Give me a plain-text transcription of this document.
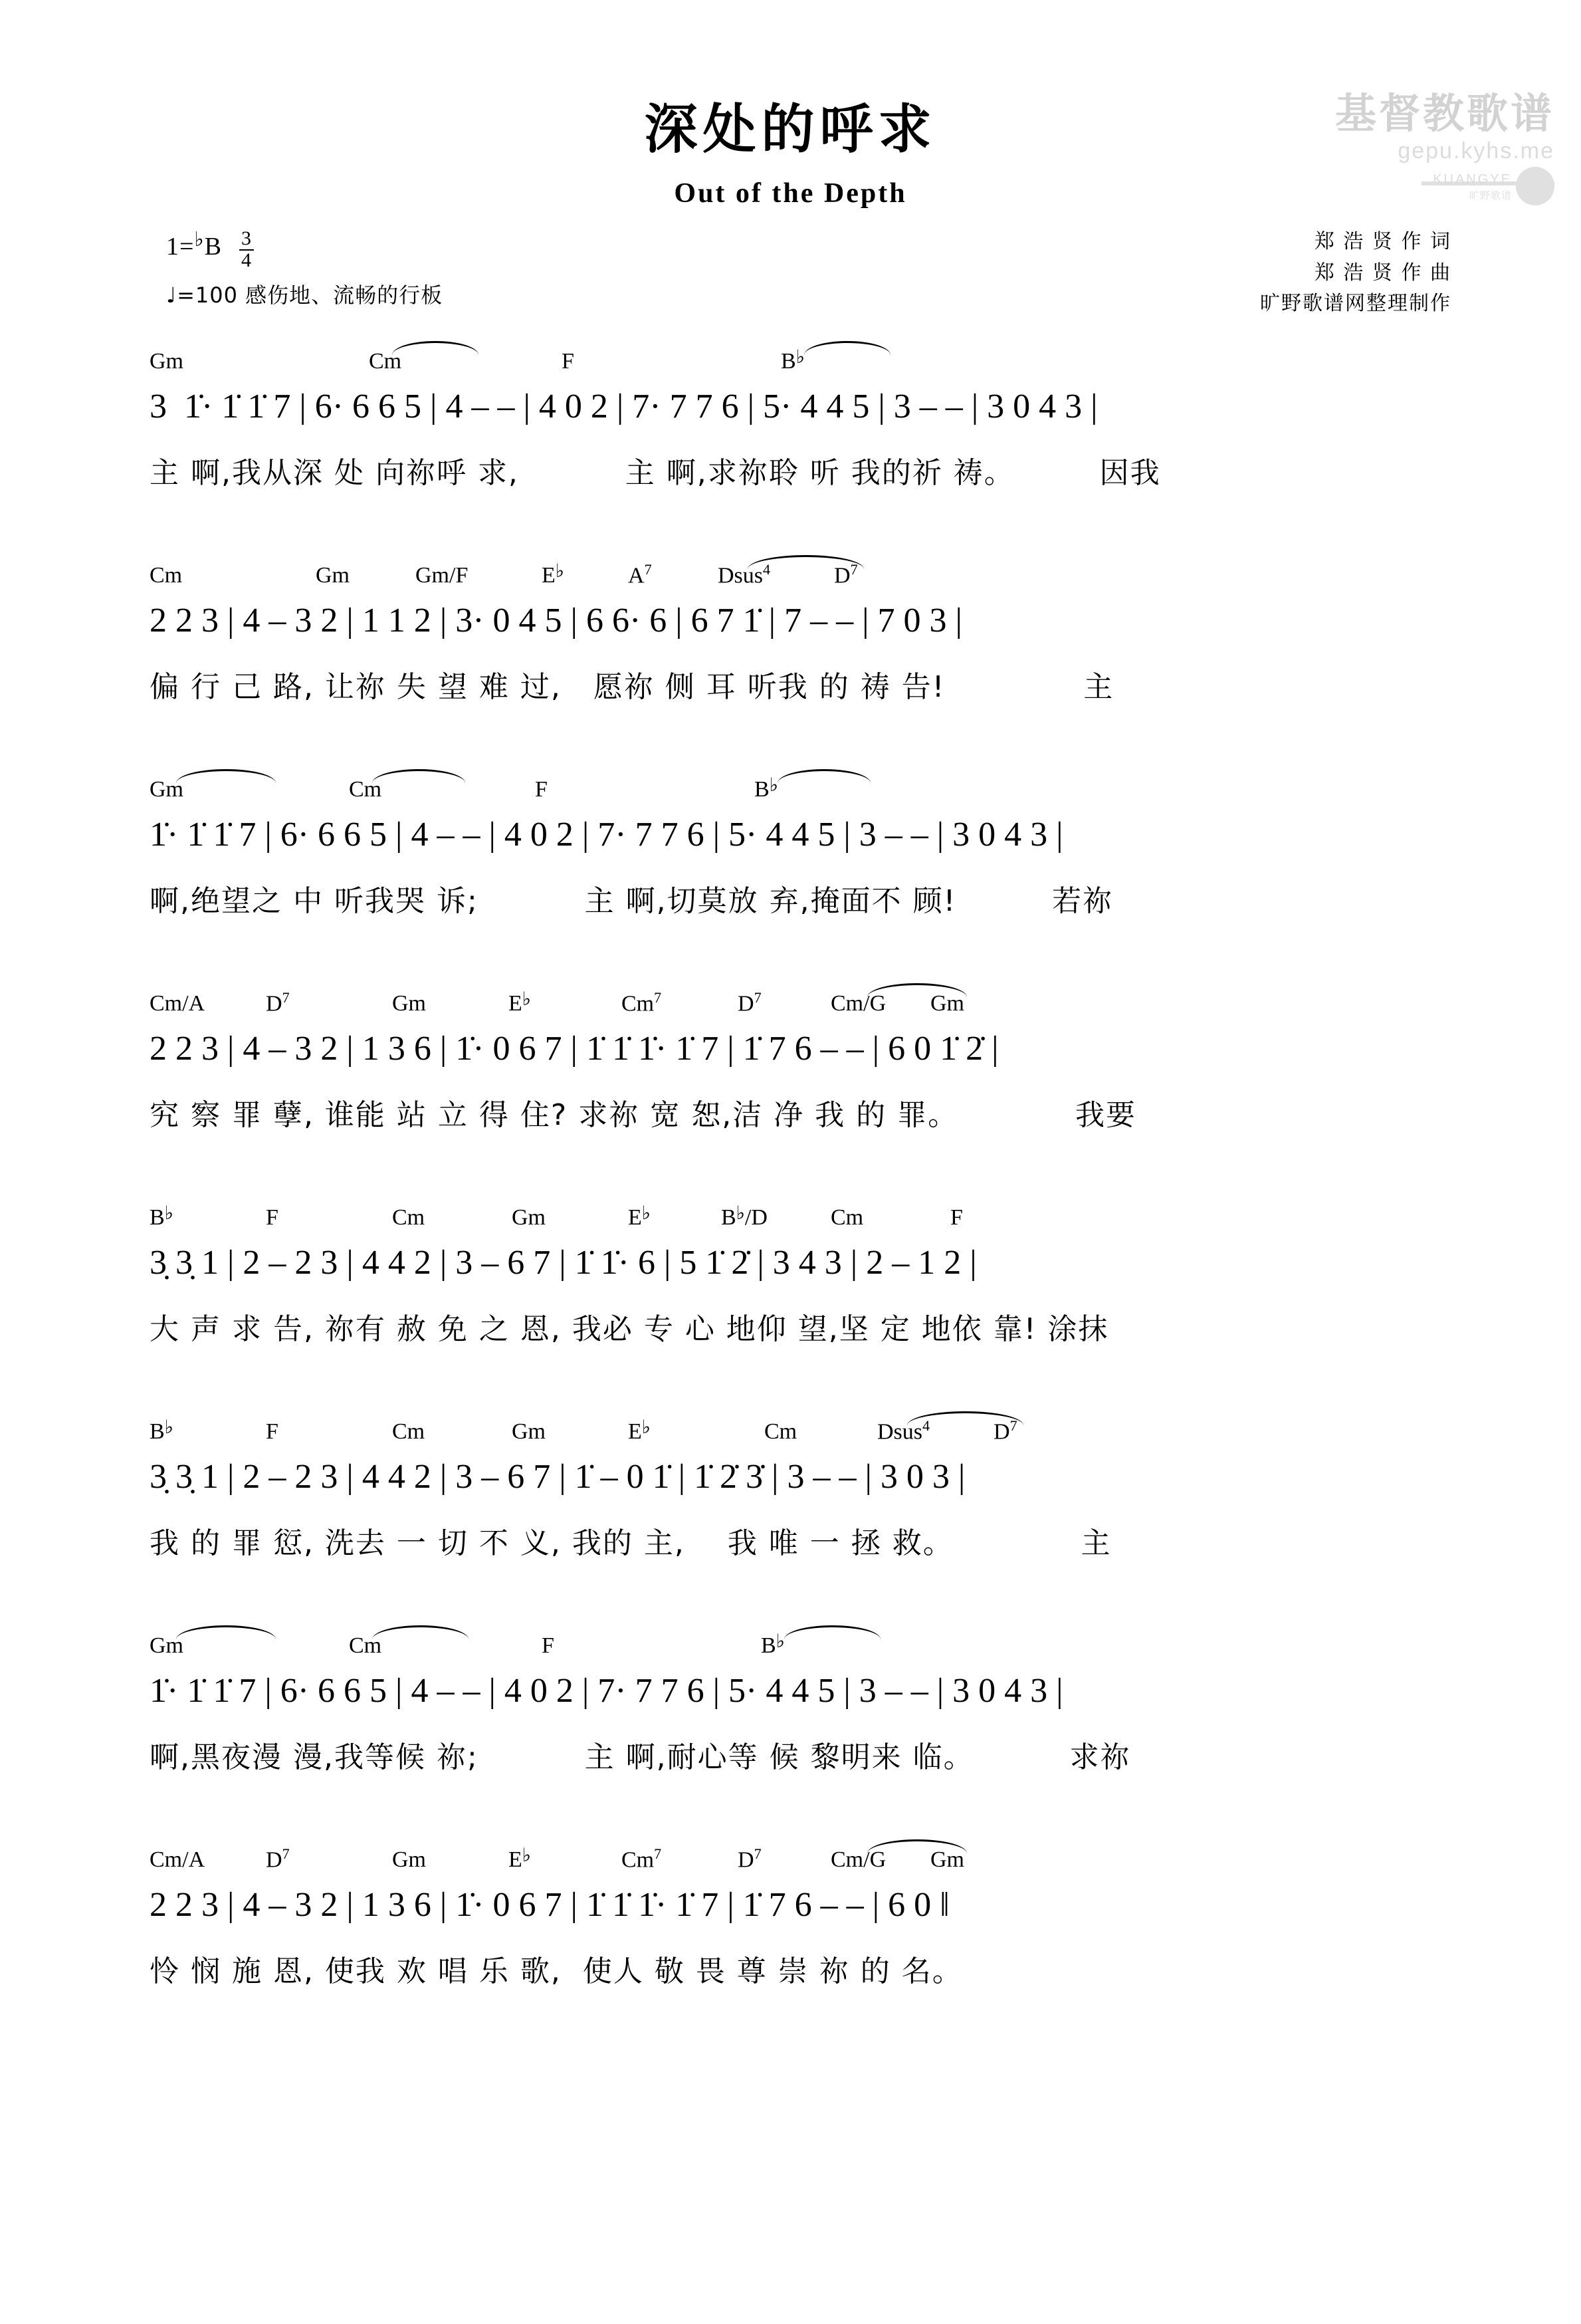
基督教歌谱
gepu.kyhs.me
KUANGYE
旷野歌谱
深处的呼求
Out of the Depth
1= ♭ B $\frac{3}{4}$
♩=100 感伤地、流畅的行板
郑 浩 贤 作 词
郑 浩 贤 作 曲
旷野歌谱网整理制作
Gm	Cm	F	B♭
3  1̇· 1̇ 1̇ 7 | 6· 6 6 5 | 4 – – | 4 0 2 | 7· 7 7 6 | 5· 4 4 5 | 3 – – | 3 0 4 3 |
主 啊,我从深 处 向祢呼 求,          主 啊,求祢聆 听 我的祈 祷。        因我
Cm	Gm	Gm/F	E♭	$A^7$	Dsus$^4$	$D^7$
2 2 3 | 4 – 3 2 | 1 1 2 | 3· 0 4 5 | 6 6· 6 | 6 7 1̇ | 7 – – | 7 0 3 |
偏 行 己 路, 让祢 失 望 难 过,   愿祢 侧 耳 听我 的 祷 告!             主
Gm	Cm	F	B♭
1̇· 1̇ 1̇ 7 | 6· 6 6 5 | 4 – – | 4 0 2 | 7· 7 7 6 | 5· 4 4 5 | 3 – – | 3 0 4 3 |
啊,绝望之 中 听我哭 诉;          主 啊,切莫放 弃,掩面不 顾!         若祢
Cm/A	$D^7$	Gm	E♭	Cm$^7$	$D^7$	Cm/G Gm
2 2 3 | 4 – 3 2 | 1 3 6 | 1̇· 0 6 7 | 1̇ 1̇ 1̇· 1̇ 7 | 1̇ 7 6 – – | 6 0 1̇ 2̇ |
究 察 罪 孽, 谁能 站 立 得 住? 求祢 宽 恕,洁 净 我 的 罪。           我要
B♭	F	Cm	Gm	E♭	B♭/D	Cm	F
3̣ 3̣ 1 | 2 – 2 3 | 4 4 2 | 3 – 6 7 | 1̇ 1̇· 6 | 5 1̇ 2̇ | 3 4 3 | 2 – 1 2 |
大 声 求 告, 祢有 赦 免 之 恩, 我必 专 心 地仰 望,坚 定 地依 靠! 涂抹
B♭	F	Cm	Gm	E♭	Cm	Dsus$^4$	$D^7$
3̣ 3̣ 1 | 2 – 2 3 | 4 4 2 | 3 – 6 7 | 1̇ – 0 1̇ | 1̇ 2̇ 3̇ | 3 – – | 3 0 3 |
我 的 罪 愆, 洗去 一 切 不 义, 我的 主,    我 唯 一 拯 救。            主
Gm	Cm	F	B♭
1̇· 1̇ 1̇ 7 | 6· 6 6 5 | 4 – – | 4 0 2 | 7· 7 7 6 | 5· 4 4 5 | 3 – – | 3 0 4 3 |
啊,黑夜漫 漫,我等候 祢;          主 啊,耐心等 候 黎明来 临。         求祢
Cm/A	$D^7$	Gm	E♭	Cm$^7$	$D^7$	Cm/G Gm
2 2 3 | 4 – 3 2 | 1 3 6 | 1̇· 0 6 7 | 1̇ 1̇ 1̇· 1̇ 7 | 1̇ 7 6 – – | 6 0 ‖
怜 悯 施 恩, 使我 欢 唱 乐 歌,  使人 敬 畏 尊 崇 祢 的 名。
